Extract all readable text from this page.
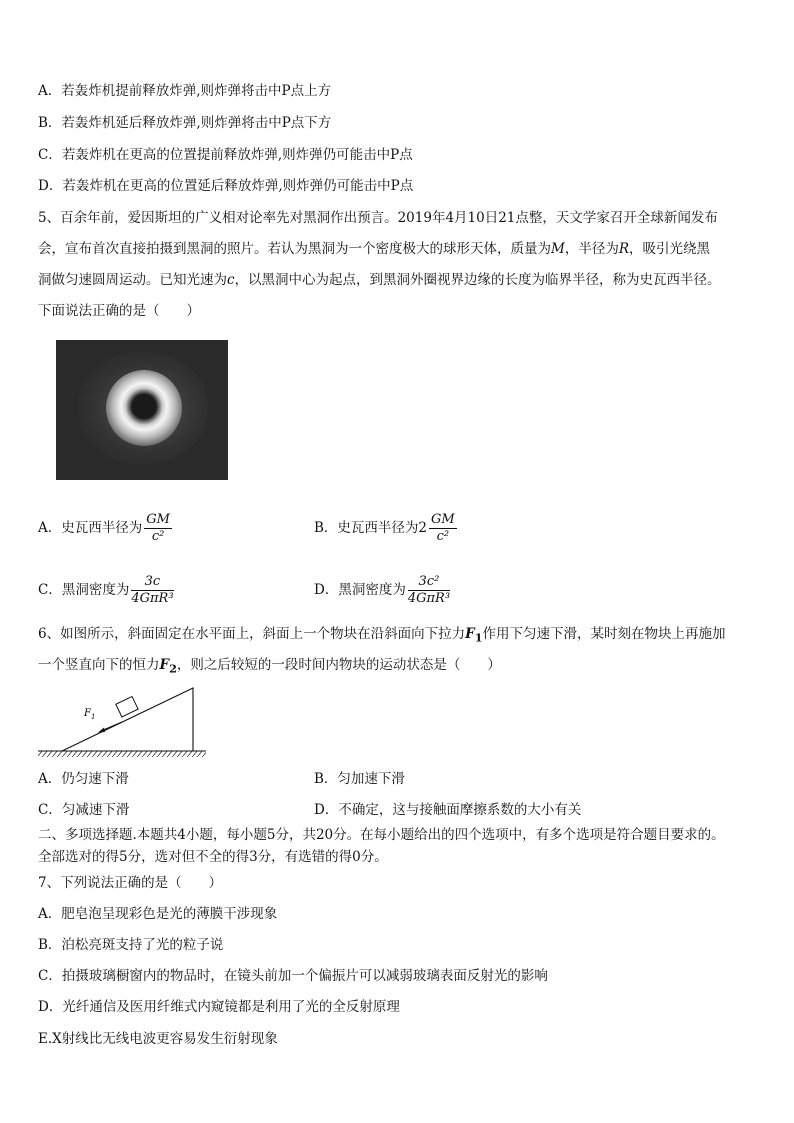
A．若轰炸机提前释放炸弹,则炸弹将击中P点上方
B．若轰炸机延后释放炸弹,则炸弹将击中P点下方
C．若轰炸机在更高的位置提前释放炸弹,则炸弹仍可能击中P点
D．若轰炸机在更高的位置延后释放炸弹,则炸弹仍可能击中P点
5、百余年前，爱因斯坦的广义相对论率先对黑洞作出预言。2019年4月10日21点整，天文学家召开全球新闻发布
会，宣布首次直接拍摄到黑洞的照片。若认为黑洞为一个密度极大的球形天体，质量为M，半径为R，吸引光绕黑
洞做匀速圆周运动。已知光速为c，以黑洞中心为起点，到黑洞外圈视界边缘的长度为临界半径，称为史瓦西半径。
下面说法正确的是（　　）
A．史瓦西半径为 $\frac{GM}{\text{c²}}$	B．史瓦西半径为$2 \frac{GM}{\text{c²}}$
C．黑洞密度为 $\frac{3c}{\text{4GπR³}}$	D．黑洞密度为 $\frac{\text{3c²}}{\text{4GπR³}}$
6、如图所示，斜面固定在水平面上，斜面上一个物块在沿斜面向下拉力$F_1$作用下匀速下滑，某时刻在物块上再施加
一个竖直向下的恒力$F_2$，则之后较短的一段时间内物块的运动状态是（　　）
$F_1$
A．仍匀速下滑	B．匀加速下滑
C．匀减速下滑	D．不确定，这与接触面摩擦系数的大小有关
二、多项选择题.本题共4小题，每小题5分，共20分。在每小题给出的四个选项中，有多个选项是符合题目要求的。
全部选对的得5分，选对但不全的得3分，有选错的得0分。
7、下列说法正确的是（　　）
A．肥皂泡呈现彩色是光的薄膜干涉现象
B．泊松亮斑支持了光的粒子说
C．拍摄玻璃橱窗内的物品时，在镜头前加一个偏振片可以减弱玻璃表面反射光的影响
D．光纤通信及医用纤维式内窥镜都是利用了光的全反射原理
E.X射线比无线电波更容易发生衍射现象
